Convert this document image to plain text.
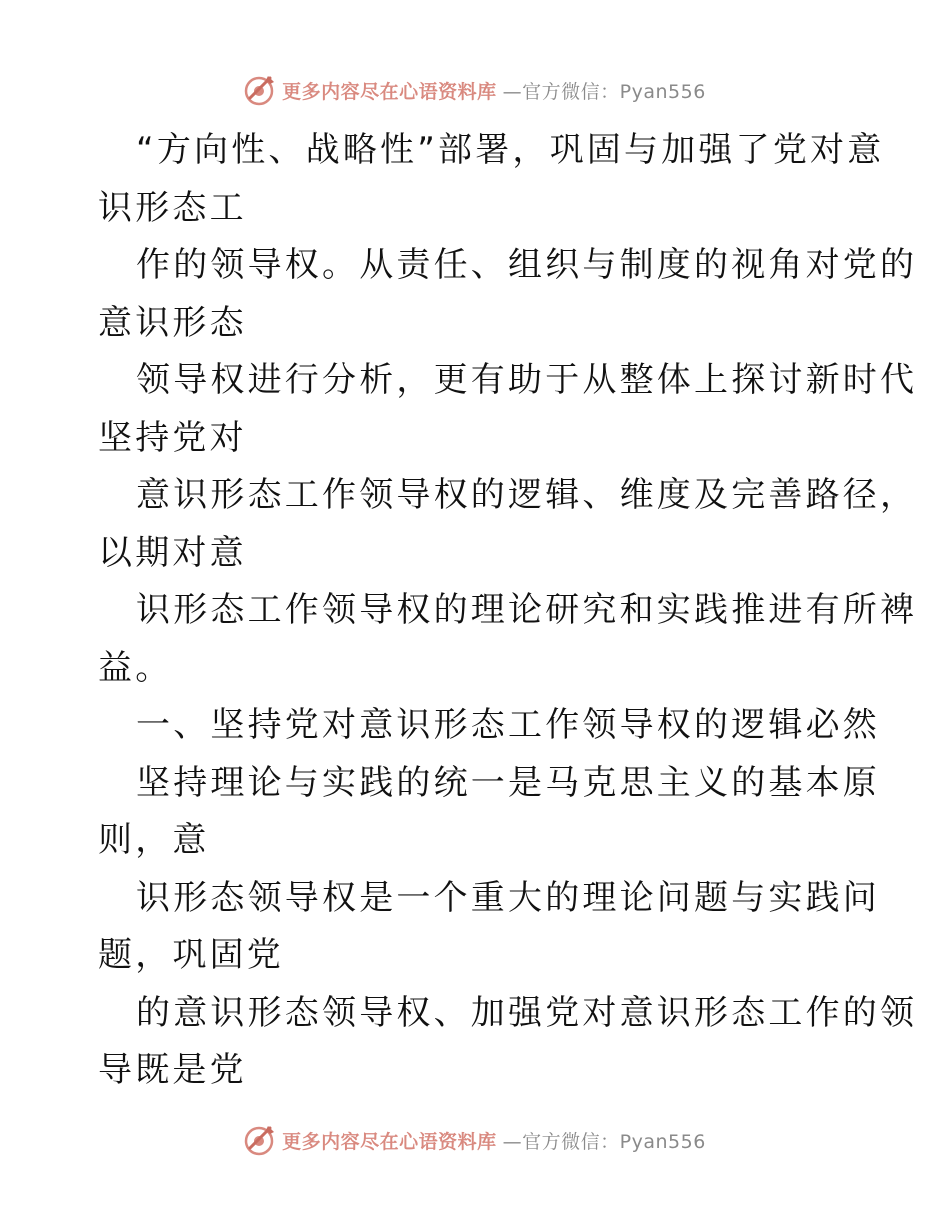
更多内容尽在心语资料库 —官方微信：Pyan556
“方向性、战略性”部署，巩固与加强了党对意
识形态工
作的领导权。从责任、组织与制度的视角对党的
意识形态
领导权进行分析，更有助于从整体上探讨新时代
坚持党对
意识形态工作领导权的逻辑、维度及完善路径，
以期对意
识形态工作领导权的理论研究和实践推进有所裨
益。
一、坚持党对意识形态工作领导权的逻辑必然
坚持理论与实践的统一是马克思主义的基本原
则，意
识形态领导权是一个重大的理论问题与实践问
题，巩固党
的意识形态领导权、加强党对意识形态工作的领
导既是党
更多内容尽在心语资料库 —官方微信：Pyan556
